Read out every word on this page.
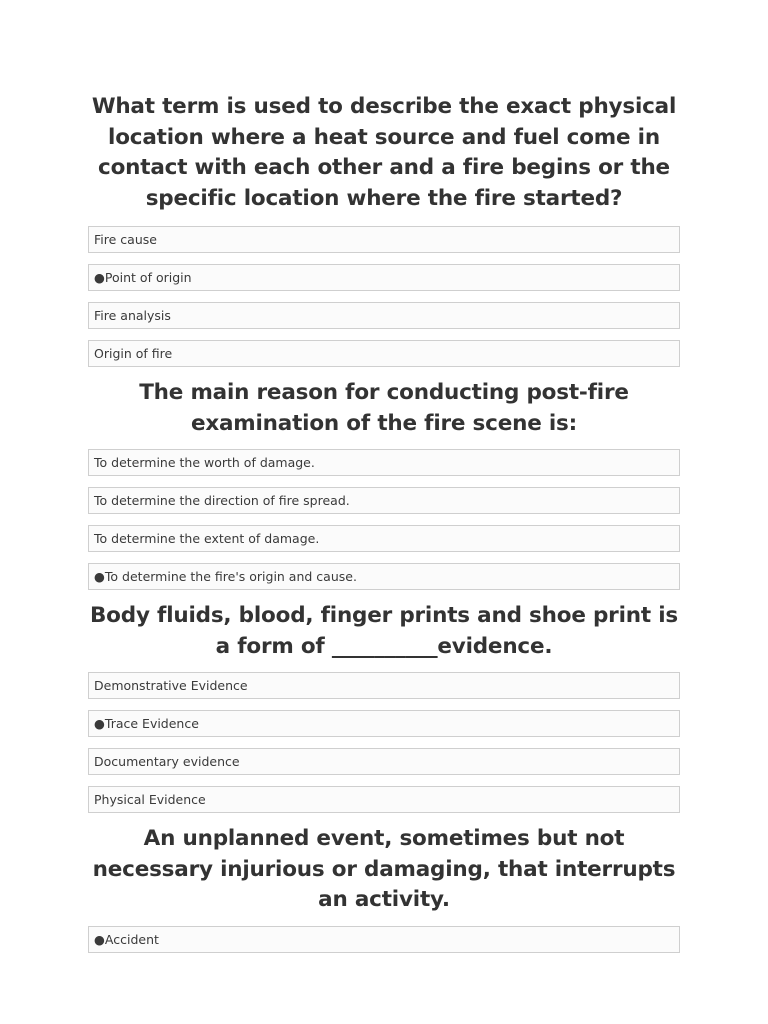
What term is used to describe the exact physical location where a heat source and fuel come in contact with each other and a fire begins or the specific location where the fire started?
Fire cause
●Point of origin
Fire analysis
Origin of fire
The main reason for conducting post-fire examination of the fire scene is:
To determine the worth of damage.
To determine the direction of fire spread.
To determine the extent of damage.
●To determine the fire's origin and cause.
Body fluids, blood, finger prints and shoe print is a form of __________evidence.
Demonstrative Evidence
●Trace Evidence
Documentary evidence
Physical Evidence
An unplanned event, sometimes but not necessary injurious or damaging, that interrupts an activity.
●Accident
